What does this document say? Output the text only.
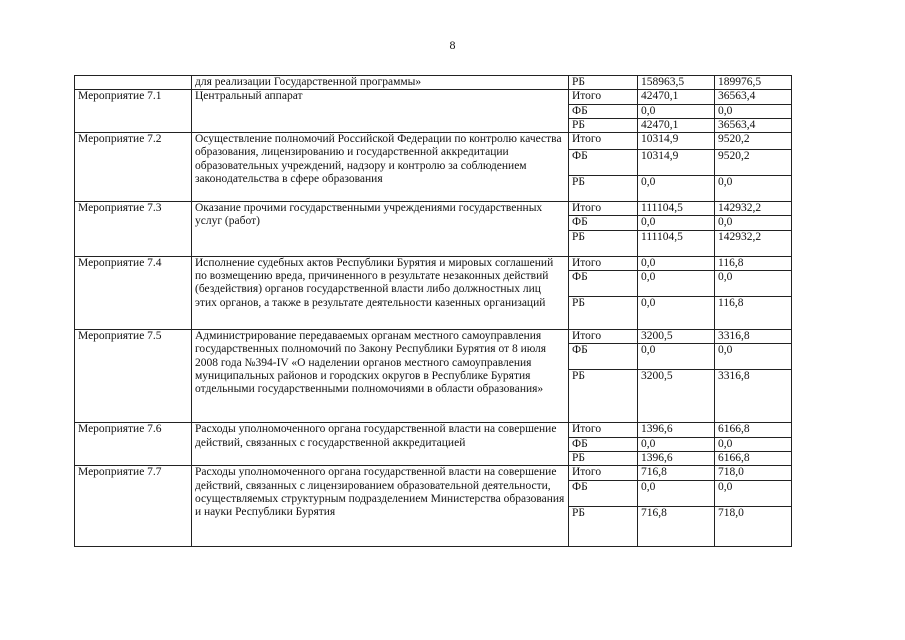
8
	для реализации Государственной программы»	РБ	158963,5	189976,5
Мероприятие 7.1	Центральный аппарат	Итого	42470,1	36563,4
		ФБ	0,0	0,0
		РБ	42470,1	36563,4
Мероприятие 7.2	Осуществление полномочий Российской Федерации по контролю качества образования, лицензированию и государственной аккредитации образовательных учреждений, надзору и контролю за соблюдением законодательства в сфере образования	Итого	10314,9	9520,2
		ФБ	10314,9	9520,2
		РБ	0,0	0,0
Мероприятие 7.3	Оказание прочими государственными учреждениями государственных услуг (работ)	Итого	111104,5	142932,2
		ФБ	0,0	0,0
		РБ	111104,5	142932,2
Мероприятие 7.4	Исполнение судебных актов Республики Бурятия и мировых соглашений по возмещению вреда, причиненного в результате незаконных действий (бездействия) органов государственной власти либо должностных лиц этих органов, а также в результате деятельности казенных организаций	Итого	0,0	116,8
		ФБ	0,0	0,0
		РБ	0,0	116,8
Мероприятие 7.5	Администрирование передаваемых органам местного самоуправления государственных полномочий по Закону Республики Бурятия от 8 июля 2008 года №394-IV «О наделении органов местного самоуправления муниципальных районов и городских округов в Республике Бурятия отдельными государственными полномочиями в области образования»	Итого	3200,5	3316,8
		ФБ	0,0	0,0
		РБ	3200,5	3316,8
Мероприятие 7.6	Расходы уполномоченного органа государственной власти на совершение действий, связанных с государственной аккредитацией	Итого	1396,6	6166,8
		ФБ	0,0	0,0
		РБ	1396,6	6166,8
Мероприятие 7.7	Расходы уполномоченного органа государственной власти на совершение действий, связанных с лицензированием образовательной деятельности, осуществляемых структурным подразделением Министерства образования и науки Республики Бурятия	Итого	716,8	718,0
		ФБ	0,0	0,0
		РБ	716,8	718,0
